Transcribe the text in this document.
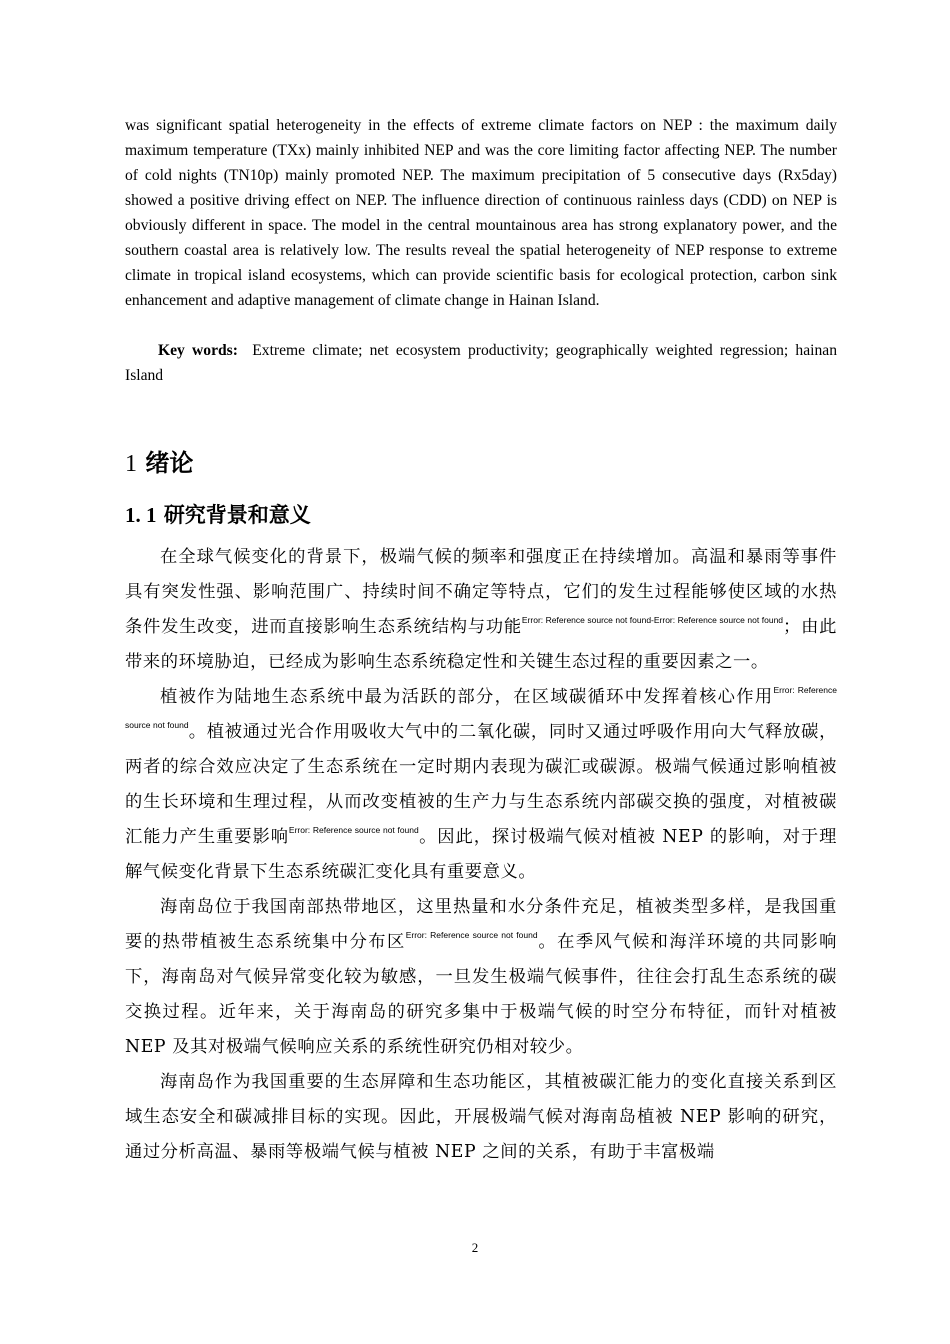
was significant spatial heterogeneity in the effects of extreme climate factors on NEP : the maximum daily maximum temperature (TXx) mainly inhibited NEP and was the core limiting factor affecting NEP. The number of cold nights (TN10p) mainly promoted NEP. The maximum precipitation of 5 consecutive days (Rx5day) showed a positive driving effect on NEP. The influence direction of continuous rainless days (CDD) on NEP is obviously different in space. The model in the central mountainous area has strong explanatory power, and the southern coastal area is relatively low. The results reveal the spatial heterogeneity of NEP response to extreme climate in tropical island ecosystems, which can provide scientific basis for ecological protection, carbon sink enhancement and adaptive management of climate change in Hainan Island.

Key words: Extreme climate; net ecosystem productivity; geographically weighted regression; hainan Island

1 绪论
1. 1 研究背景和意义

在全球气候变化的背景下，极端气候的频率和强度正在持续增加。高温和暴雨等事件具有突发性强、影响范围广、持续时间不确定等特点，它们的发生过程能够使区域的水热条件发生改变，进而直接影响生态系统结构与功能$^{Error: Reference source not found-Error: Reference source not found}$；由此带来的环境胁迫，已经成为影响生态系统稳定性和关键生态过程的重要因素之一。

植被作为陆地生态系统中最为活跃的部分，在区域碳循环中发挥着核心作用$^{Error: Reference source not found}$。植被通过光合作用吸收大气中的二氧化碳，同时又通过呼吸作用向大气释放碳，两者的综合效应决定了生态系统在一定时期内表现为碳汇或碳源。极端气候通过影响植被的生长环境和生理过程，从而改变植被的生产力与生态系统内部碳交换的强度，对植被碳汇能力产生重要影响$^{Error: Reference source not found}$。因此，探讨极端气候对植被 NEP 的影响，对于理解气候变化背景下生态系统碳汇变化具有重要意义。

海南岛位于我国南部热带地区，这里热量和水分条件充足，植被类型多样，是我国重要的热带植被生态系统集中分布区$^{Error: Reference source not found}$。在季风气候和海洋环境的共同影响下，海南岛对气候异常变化较为敏感，一旦发生极端气候事件，往往会打乱生态系统的碳交换过程。近年来，关于海南岛的研究多集中于极端气候的时空分布特征，而针对植被 NEP 及其对极端气候响应关系的系统性研究仍相对较少。

海南岛作为我国重要的生态屏障和生态功能区，其植被碳汇能力的变化直接关系到区域生态安全和碳减排目标的实现。因此，开展极端气候对海南岛植被 NEP 影响的研究，通过分析高温、暴雨等极端气候与植被 NEP 之间的关系，有助于丰富极端

2
